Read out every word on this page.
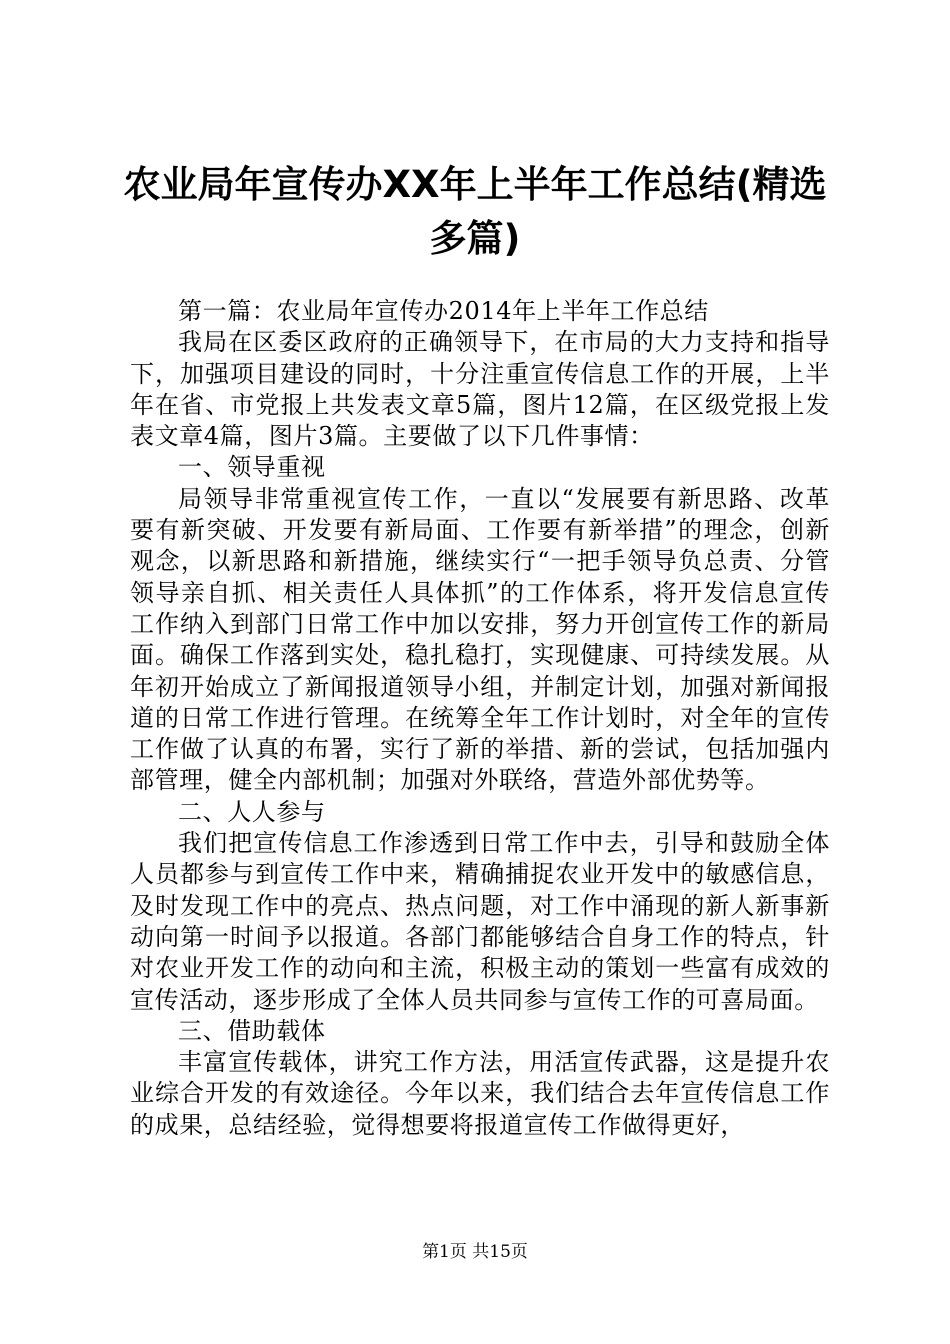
农业局年宣传办XX年上半年工作总结(精选多篇)

第一篇：农业局年宣传办2014年上半年工作总结

我局在区委区政府的正确领导下，在市局的大力支持和指导下，加强项目建设的同时，十分注重宣传信息工作的开展，上半年在省、市党报上共发表文章5篇，图片12篇，在区级党报上发表文章4篇，图片3篇。主要做了以下几件事情：

一、领导重视

局领导非常重视宣传工作，一直以“发展要有新思路、改革要有新突破、开发要有新局面、工作要有新举措”的理念，创新观念，以新思路和新措施，继续实行“一把手领导负总责、分管领导亲自抓、相关责任人具体抓”的工作体系，将开发信息宣传工作纳入到部门日常工作中加以安排，努力开创宣传工作的新局面。确保工作落到实处，稳扎稳打，实现健康、可持续发展。从年初开始成立了新闻报道领导小组，并制定计划，加强对新闻报道的日常工作进行管理。在统筹全年工作计划时，对全年的宣传工作做了认真的布署，实行了新的举措、新的尝试，包括加强内部管理，健全内部机制；加强对外联络，营造外部优势等。

二、人人参与

我们把宣传信息工作渗透到日常工作中去，引导和鼓励全体人员都参与到宣传工作中来，精确捕捉农业开发中的敏感信息，及时发现工作中的亮点、热点问题，对工作中涌现的新人新事新动向第一时间予以报道。各部门都能够结合自身工作的特点，针对农业开发工作的动向和主流，积极主动的策划一些富有成效的宣传活动，逐步形成了全体人员共同参与宣传工作的可喜局面。

三、借助载体

丰富宣传载体，讲究工作方法，用活宣传武器，这是提升农业综合开发的有效途径。今年以来，我们结合去年宣传信息工作的成果，总结经验，觉得想要将报道宣传工作做得更好，

第1页 共15页
